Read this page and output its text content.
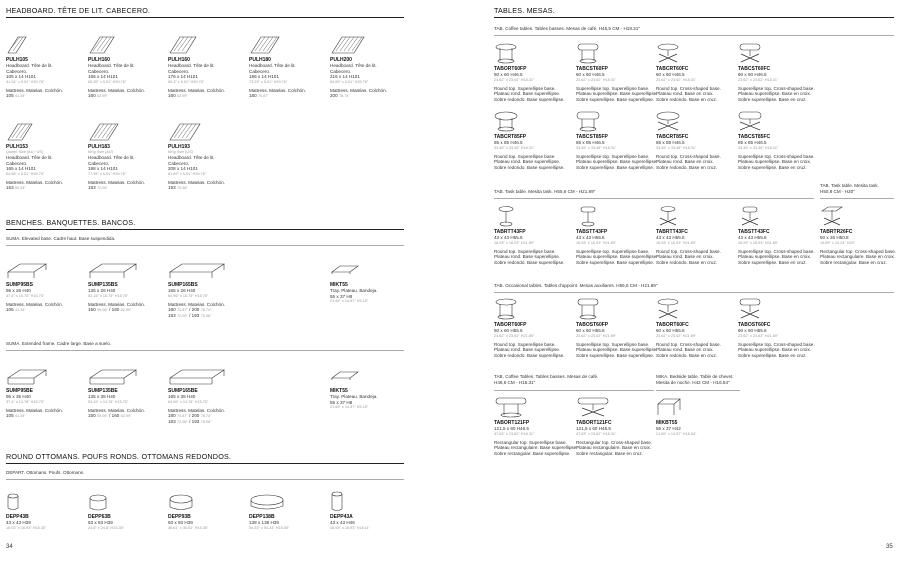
HEADBOARD. TÊTE DE LIT. CABECERO.
PULH105
Headboard. Tête de lit.
Cabecero.
105 x 14 H101
41.34" x 5.51" H39.76"
Mattress. Matelas. Colchón.
105 41.34"
PULH160
Headboard. Tête de lit.
Cabecero.
166 x 14 H101
65.35" x 5.51" H39.76"
Mattress. Matelas. Colchón.
160 62.99"
PULH160
Headboard. Tête de lit.
Cabecero.
176 x 14 H101
69.3" x 5.51" H39.76"
Mattress. Matelas. Colchón.
160 62.99"
PULH180
Headboard. Tête de lit.
Cabecero.
186 x 14 H101
73.23" x 5.51" H39.76"
Mattress. Matelas. Colchón.
180 70.87"
PULH200
Headboard. Tête de lit.
Cabecero.
215 x 14 H101
84.65" x 5.51" H39.76"
Mattress. Matelas. Colchón.
200 78.74"
PULH153
Queen Size (AU / US)
Headboard. Tête de lit.
Cabecero.
165 x 14 H101
64.96" x 5.51" H39.76"
Mattress. Matelas. Colchón.
153 60.24"
PULH183
King Size (AU)
Headboard. Tête de lit.
Cabecero.
198 x 14 H101
77.95" x 5.51" H39.76"
Mattress. Matelas. Colchón.
183 72.05"
PULH193
King Size (US)
Headboard. Tête de lit.
Cabecero.
208 x 14 H101
81.89" x 5.51" H39.76"
Mattress. Matelas. Colchón.
193 75.98"
BENCHES. BANQUETTES. BANCOS.
SUMA. Elevated base. Cadre haut. Base suspendida.
SUMP95BS
95 x 26 H40
37.4" x 15.75" H15.75"
Mattress. Matelas. Colchón.
105 41.34"
SUMP135BS
135 x 26 H40
53.15" x 15.75" H15.75"
Mattress. Matelas. Colchón.
150 59.06" / 160 62.99"
SUMP165BS
165 x 26 H40
64.96" x 15.75" H15.75"
Mattress. Matelas. Colchón.
180 70.87" / 200 78.74"
183 72.05" / 193 75.98"
MIKT55
Tray. Plateau. Bandeja.
55 x 37 H8
21.65" x 14.57" H3.15"
SUMA. Extended frame. Cadre large. Base a suelo.
SUMP95BE
95 x 35 H40
37.4" x 13.78" H15.75"
Mattress. Matelas. Colchón.
105 41.34"
SUMP135BE
135 x 35 H40
53.15" x 13.78" H15.75"
Mattress. Matelas. Colchón.
150 59.06" / 160 62.99"
SUMP165BE
165 x 35 H40
64.96" x 13.78" H15.75"
Mattress. Matelas. Colchón.
180 70.87" / 200 78.74"
183 72.05" / 193 75.98"
MIKT55
Tray. Plateau. Bandeja.
55 x 37 H8
21.65" x 14.57" H3.15"
ROUND OTTOMANS. POUFS RONDS. OTTOMANS REDONDOS.
DEPART. Ottomans. Poufs. Ottomans.
DEPP43B
43 x 43 H39
16.93" x 16.93" H15.35"
DEPP63B
63 x 63 H39
24.8" x 24.8" H15.35"
DEPP93B
93 x 93 H39
36.61" x 36.61" H15.35"
DEPP138B
138 x 138 H39
54.33" x 54.33" H15.35"
DEPP43A
43 x 43 H46
16.93" x 16.93" H18.11"
34
TABLES. MESAS.
TAB. Coffee tables. Tables basses. Mesas de café. H46,5 CM - H18.31"
TABORT60FP
60 x 60 H46.5
23.62" x 23.62" H18.31"
Round top. Superellipse base.
Plateau rond. Base superellipse.
Sobre redondo. Base superellipse.
TABCST60FP
60 x 60 H46.5
23.62" x 23.62" H18.31"
Superellipse top. Superellipse base.
Plateau superellipse. Base superellipse.
Sobre superellipse. Base superellipse.
TABCRT60FC
60 x 60 H46.5
23.62" x 23.62" H18.31"
Round top. Cross-shaped base.
Plateau rond. Base en croix.
Sobre redondo. Base en cruz.
TABCST60FC
60 x 60 H46.5
23.62" x 23.62" H18.31"
Superellipse top. Cross-shaped base.
Plateau superellipse. Base en croix.
Sobre superellipse. Base en cruz.
TABCRT85FP
85 x 85 H46.5
33.46" x 33.46" H18.31"
Round top. Superellipse base.
Plateau rond. Base superellipse.
Sobre redondo. Base superellipse.
TABCST85FP
85 x 85 H46.5
33.46" x 33.46" H18.31"
Superellipse top. Superellipse base.
Plateau superellipse. Base superellipse.
Sobre superellipse. Base superellipse.
TABCRT85FC
85 x 85 H46.5
33.46" x 33.46" H18.31"
Round top. Cross-shaped base.
Plateau rond. Base en croix.
Sobre redondo. Base en cruz.
TABCST85FC
85 x 85 H46.5
33.46" x 33.46" H18.31"
Superellipse top. Cross-shaped base.
Plateau superellipse. Base en croix.
Sobre superellipse. Base en cruz.
TAB. Task table. Mesita task. H55,6 CM - H21.89"
TAB. Task table. Mesita task.
H50,8 CM - H20"
TABRTT43FP
43 x 43 H55.6
16.93" x 16.93" H21.89"
Round top. Superellipse base.
Plateau rond. Base superellipse.
Sobre redondo. Base superellipse.
TABSTT43FP
43 x 43 H55.6
16.93" x 16.93" H21.89"
Superellipse top. Superellipse base.
Plateau superellipse. Base superellipse.
Sobre superellipse. Base superellipse.
TABRTT43FC
43 x 43 H55.6
16.93" x 16.93" H21.89"
Round top. Cross-shaped base.
Plateau rond. Base en croix.
Sobre redondo. Base en cruz.
TABSTT43FC
43 x 43 H55.6
16.93" x 16.93" H21.89"
Superellipse top. Cross-shaped base.
Plateau superellipse. Base en croix.
Sobre superellipse. Base en cruz.
TABRTR26FC
50 x 26 H50.8
19.69" x 10.24" H20"
Rectangular top. Cross-shaped base.
Plateau rectangulaire. Base en croix.
Sobre rectangular. Base en cruz.
TAB. Occasional tables. Tables d'appoint. Mesas auxiliares. H55,6 CM - H21.89"
TABORT60FP
60 x 60 H55.6
23.62" x 23.62" H21.89"
Round top. Superellipse base.
Plateau rond. Base superellipse.
Sobre redondo. Base superellipse.
TABOST60FP
60 x 60 H55.6
23.62" x 23.62" H21.89"
Superellipse top. Superellipse base.
Plateau superellipse. Base superellipse.
Sobre superellipse. Base superellipse.
TABORT60FC
60 x 60 H55.6
23.62" x 23.62" H21.89"
Round top. Cross-shaped base.
Plateau rond. Base en croix.
Sobre redondo. Base en cruz.
TABOST60FC
60 x 60 H55.6
23.62" x 23.62" H21.89"
Superellipse top. Cross-shaped base.
Plateau superellipse. Base en croix.
Sobre superellipse. Base en cruz.
TAB. Coffee Tables. Tables basses. Mesas de café.
H46,5 CM - H18.31"
MIKA. Bedside table. Table de chevet.
Mesita de noche. H42 CM - H16.54"
TABORT121FP
121,5 x 60 H46.5
47.83" x 23.62" H18.31"
Rectangular top. Superellipse base.
Plateau rectangulaire. Base superellipse.
Sobre rectangular. Base superellipse.
TABORT121FC
121,5 x 60 H46.5
47.83" x 23.62" H18.31"
Rectangular top. Cross-shaped base.
Plateau rectangulaire. Base en croix.
Sobre rectangular. Base en cruz.
MIKBT55
55 x 37 H42
21.65" x 14.57" H16.54"
35
